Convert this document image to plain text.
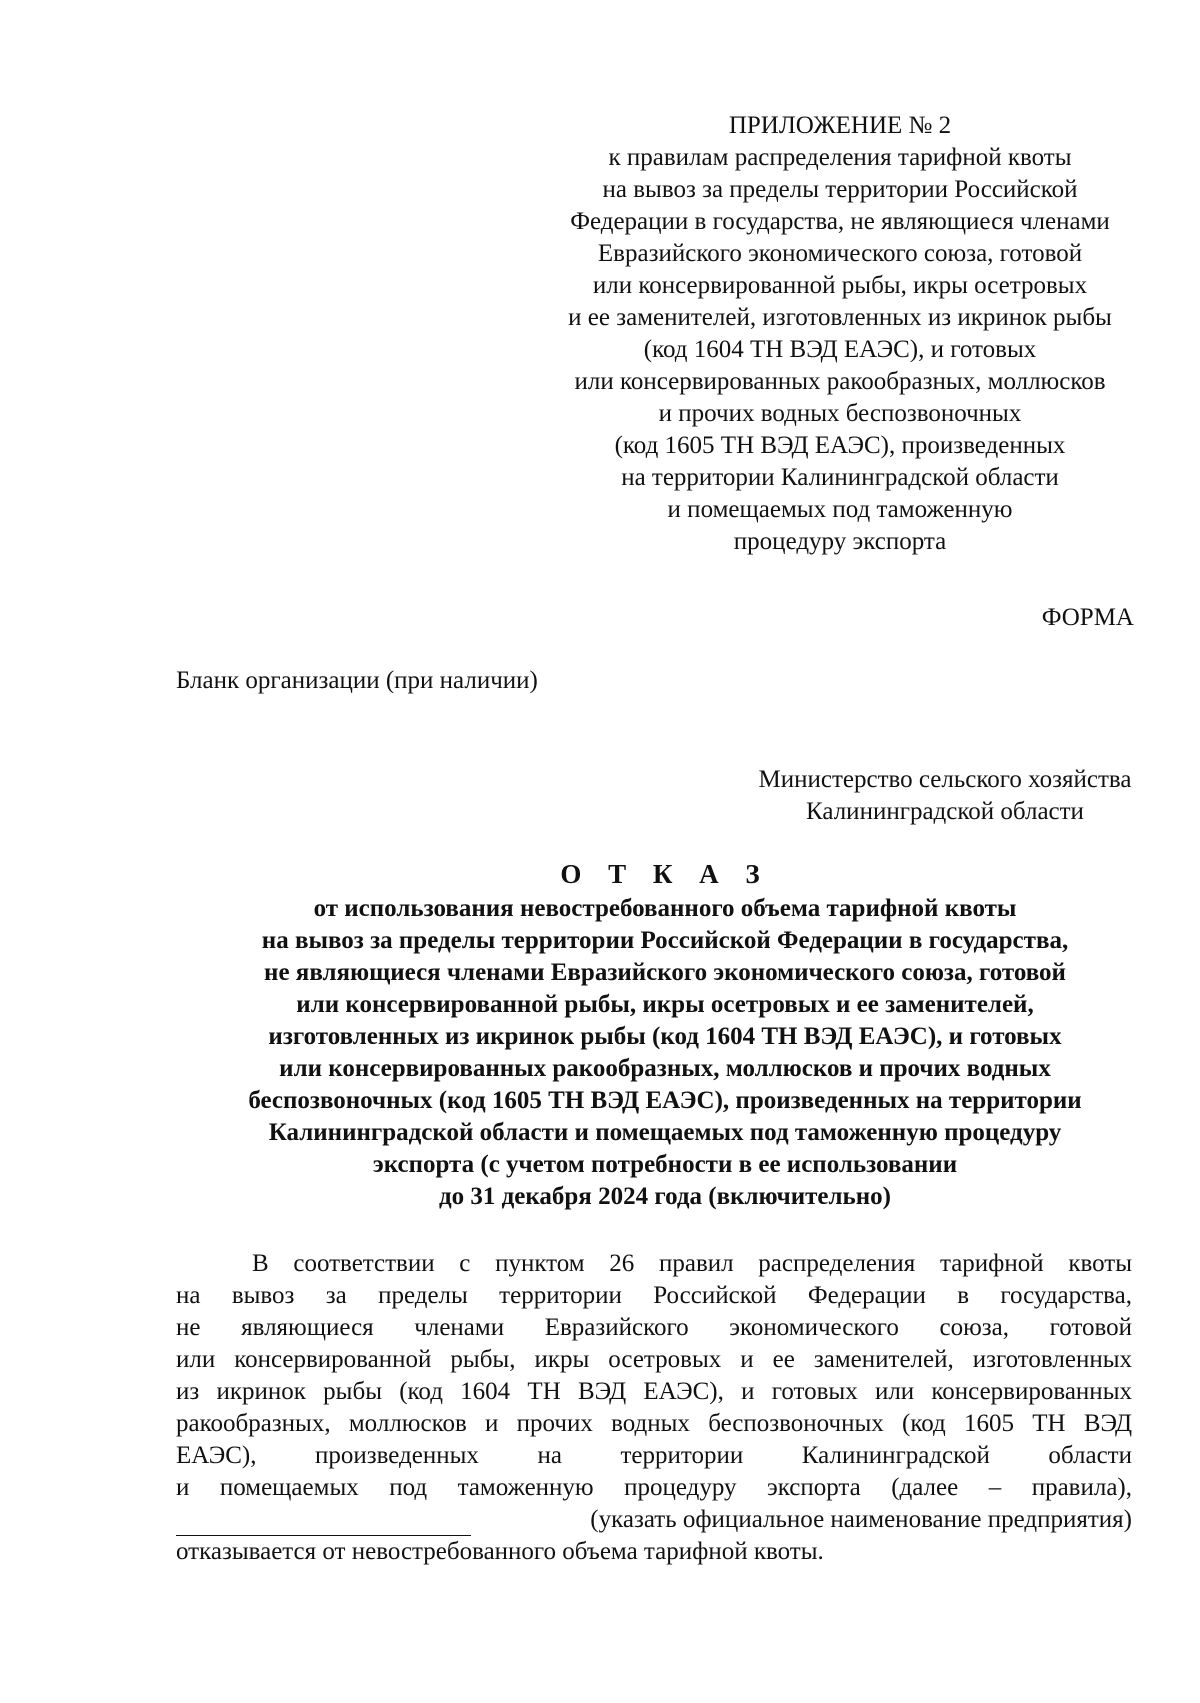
ПРИЛОЖЕНИЕ № 2
к правилам распределения тарифной квоты
на вывоз за пределы территории Российской
Федерации в государства, не являющиеся членами
Евразийского экономического союза, готовой
или консервированной рыбы, икры осетровых
и ее заменителей, изготовленных из икринок рыбы
(код 1604 ТН ВЭД ЕАЭС), и готовых
или консервированных ракообразных, моллюсков
и прочих водных беспозвоночных
(код 1605 ТН ВЭД ЕАЭС), произведенных
на территории Калининградской области
и помещаемых под таможенную
процедуру экспорта
ФОРМА
Бланк организации (при наличии)
Министерство сельского хозяйства
Калининградской области
О Т К А З
от использования невостребованного объема тарифной квоты
на вывоз за пределы территории Российской Федерации в государства,
не являющиеся членами Евразийского экономического союза, готовой
или консервированной рыбы, икры осетровых и ее заменителей,
изготовленных из икринок рыбы (код 1604 ТН ВЭД ЕАЭС), и готовых
или консервированных ракообразных, моллюсков и прочих водных
беспозвоночных (код 1605 ТН ВЭД ЕАЭС), произведенных на территории
Калининградской области и помещаемых под таможенную процедуру
экспорта (с учетом потребности в ее использовании
до 31 декабря 2024 года (включительно)
В соответствии с пунктом 26 правил распределения тарифной квоты
на вывоз за пределы территории Российской Федерации в государства,
не являющиеся членами Евразийского экономического союза, готовой
или консервированной рыбы, икры осетровых и ее заменителей, изготовленных
из икринок рыбы (код 1604 ТН ВЭД ЕАЭС), и готовых или консервированных
ракообразных, моллюсков и прочих водных беспозвоночных (код 1605 ТН ВЭД
ЕАЭС), произведенных на территории Калининградской области
и помещаемых под таможенную процедуру экспорта (далее – правила),
(указать официальное наименование предприятия)
отказывается от невостребованного объема тарифной квоты.
